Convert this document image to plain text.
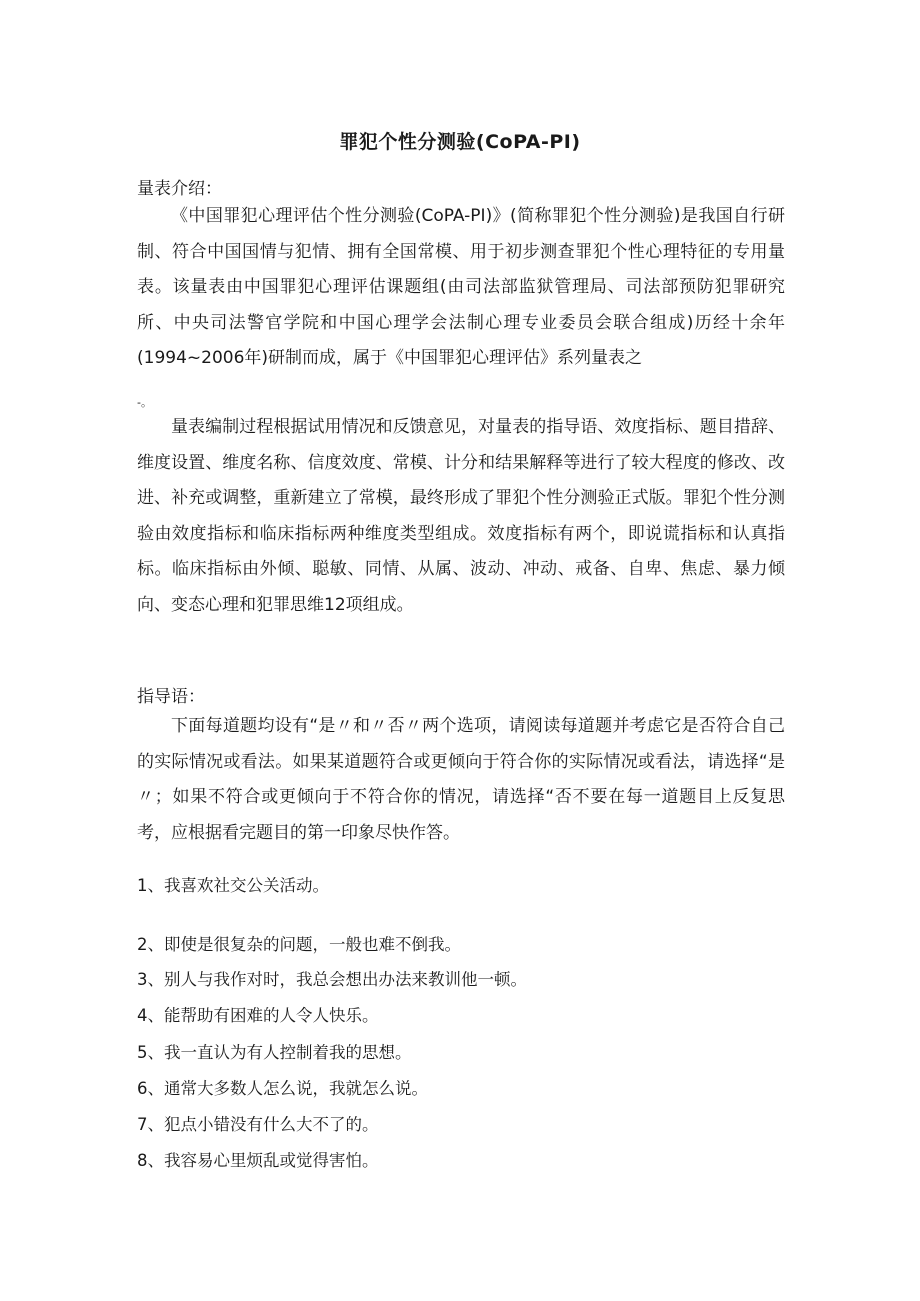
罪犯个性分测验(CoPA-PI)
量表介绍：

《中国罪犯心理评估个性分测验(CoPA-PI)》(简称罪犯个性分测验)是我国自行研制、符合中国国情与犯情、拥有全国常模、用于初步测查罪犯个性心理特征的专用量表。该量表由中国罪犯心理评估课题组(由司法部监狱管理局、司法部预防犯罪研究所、中央司法警官学院和中国心理学会法制心理专业委员会联合组成)历经十余年(1994~2006年)研制而成，属于《中国罪犯心理评估》系列量表之

-。

量表编制过程根据试用情况和反馈意见，对量表的指导语、效度指标、题目措辞、维度设置、维度名称、信度效度、常模、计分和结果解释等进行了较大程度的修改、改进、补充或调整，重新建立了常模，最终形成了罪犯个性分测验正式版。罪犯个性分测验由效度指标和临床指标两种维度类型组成。效度指标有两个，即说谎指标和认真指标。临床指标由外倾、聪敏、同情、从属、波动、冲动、戒备、自卑、焦虑、暴力倾向、变态心理和犯罪思维12项组成。

指导语：

下面每道题均设有“是〃和〃否〃两个选项，请阅读每道题并考虑它是否符合自己的实际情况或看法。如果某道题符合或更倾向于符合你的实际情况或看法，请选择“是〃；如果不符合或更倾向于不符合你的情况，请选择“否不要在每一道题目上反复思考，应根据看完题目的第一印象尽快作答。

1、我喜欢社交公关活动。
2、即使是很复杂的问题，一般也难不倒我。
3、别人与我作对时，我总会想出办法来教训他一顿。
4、能帮助有困难的人令人快乐。
5、我一直认为有人控制着我的思想。
6、通常大多数人怎么说，我就怎么说。
7、犯点小错没有什么大不了的。
8、我容易心里烦乱或觉得害怕。
